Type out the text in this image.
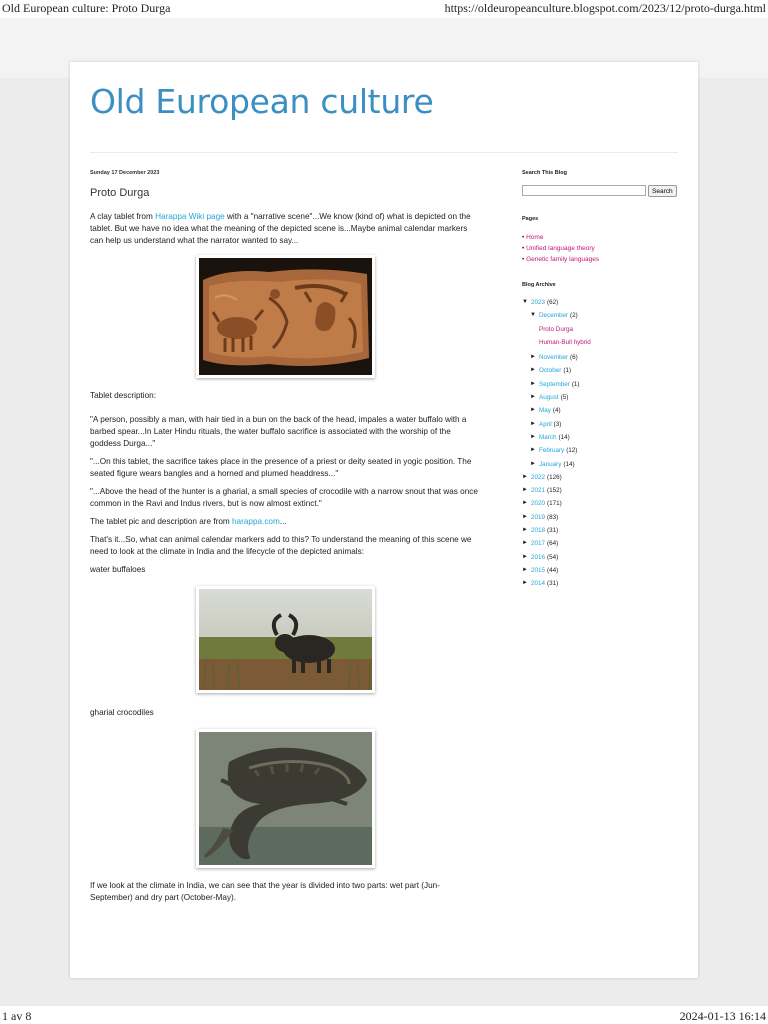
Old European culture: Proto Durga	https://oldeuropeanculture.blogspot.com/2023/12/proto-durga.html
Old European culture
Sunday 17 December 2023
Proto Durga
A clay tablet from Harappa Wiki page with a "narrative scene"...We know (kind of) what is depicted on the tablet. But we have no idea what the meaning of the depicted scene is...Maybe animal calendar markers can help us understand what the narrator wanted to say...
Tablet description:
"A person, possibly a man, with hair tied in a bun on the back of the head, impales a water buffalo with a barbed spear...In Later Hindu rituals, the water buffalo sacrifice is associated with the worship of the goddess Durga..."
"...On this tablet, the sacrifice takes place in the presence of a priest or deity seated in yogic position. The seated figure wears bangles and a horned and plumed headdress..."
"...Above the head of the hunter is a gharial, a small species of crocodile with a narrow snout that was once common in the Ravi and Indus rivers, but is now almost extinct."
The tablet pic and description are from harappa.com...
That's it...So, what can animal calendar markers add to this? To understand the meaning of this scene we need to look at the climate in India and the lifecycle of the depicted animals:
water buffaloes
gharial crocodiles
If we look at the climate in India, we can see that the year is divided into two parts: wet part (Jun-September) and dry part (October-May).
Search This Blog
Search
Pages
• Home
• Unified language theory
• Genetic family languages
Blog Archive
▼ 2023 (62)
▼ December (2)
Proto Durga
Human-Bull hybrid
► November (6)
► October (1)
► September (1)
► August (5)
► May (4)
► April (3)
► March (14)
► February (12)
► January (14)
► 2022 (126)
► 2021 (152)
► 2020 (171)
► 2019 (83)
► 2018 (31)
► 2017 (64)
► 2016 (54)
► 2015 (44)
► 2014 (31)
1 av 8	2024-01-13 16:14
